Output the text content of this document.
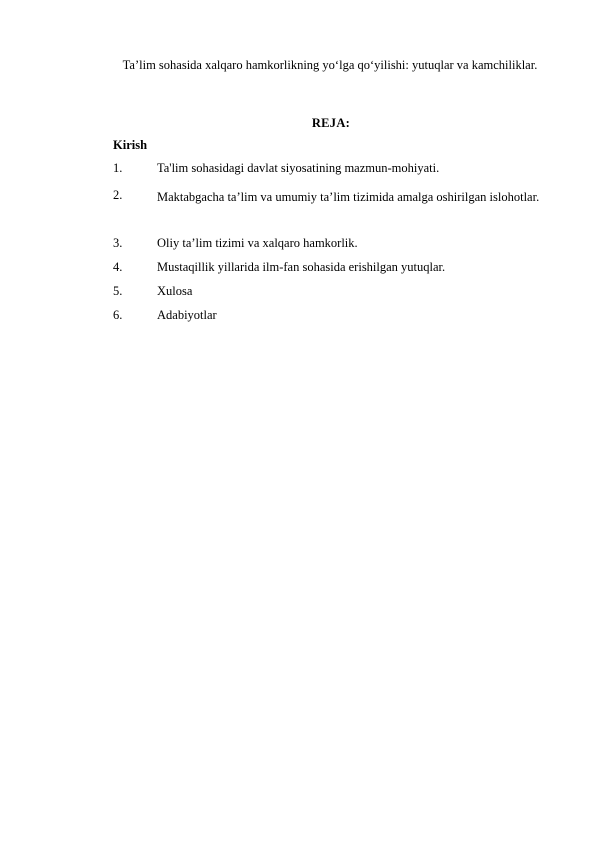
Ta’lim sohasida xalqaro hamkorlikning yo‘lga qo‘yilishi: yutuqlar va kamchiliklar.
REJA:
Kirish
1.	Ta'lim sohasidagi davlat siyosatining mazmun-mohiyati.
2.	Maktabgacha ta’lim va umumiy ta’lim tizimida amalga oshirilgan islohotlar.
3.	Oliy ta’lim tizimi va xalqaro hamkorlik.
4.	Mustaqillik yillarida ilm-fan sohasida erishilgan yutuqlar.
5.	Xulosa
6.	Adabiyotlar
